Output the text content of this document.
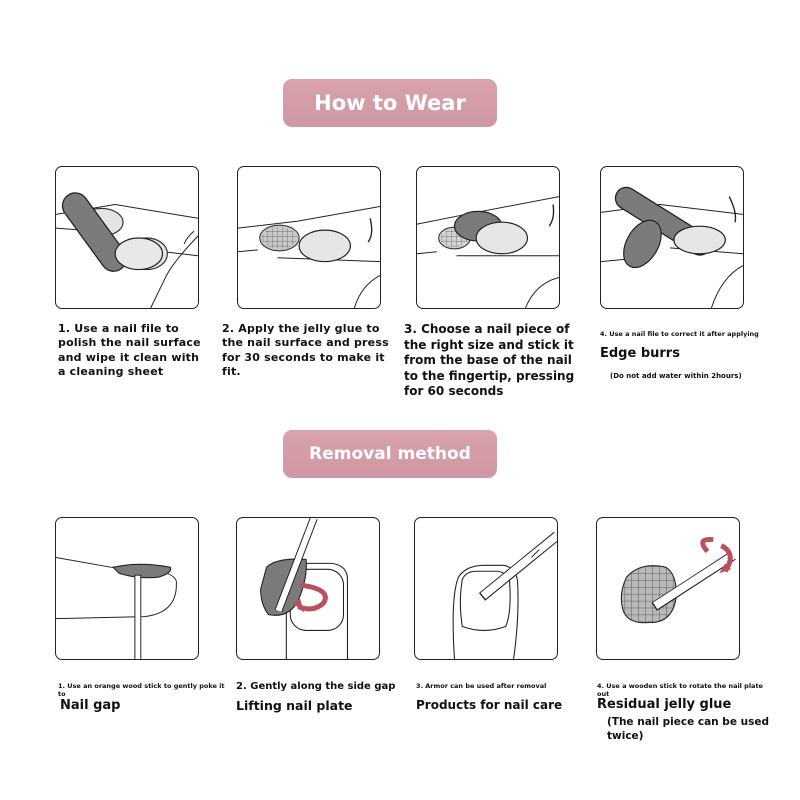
How to Wear
Removal method
1. Use a nail file to polish the nail surface and wipe it clean with a cleaning sheet
2. Apply the jelly glue to the nail surface and press for 30 seconds to make it fit.
3. Choose a nail piece of the right size and stick it from the base of the nail to the fingertip, pressing for 60 seconds
4. Use a nail file to correct it after applying
Edge burrs
(Do not add water within 2hours)
1. Use an orange wood stick to gently poke it to
Nail gap
2. Gently along the side gap
Lifting nail plate
3. Armor can be used after removal
Products for nail care
4. Use a wooden stick to rotate the nail plate out
Residual jelly glue
(The nail piece can be used twice)
